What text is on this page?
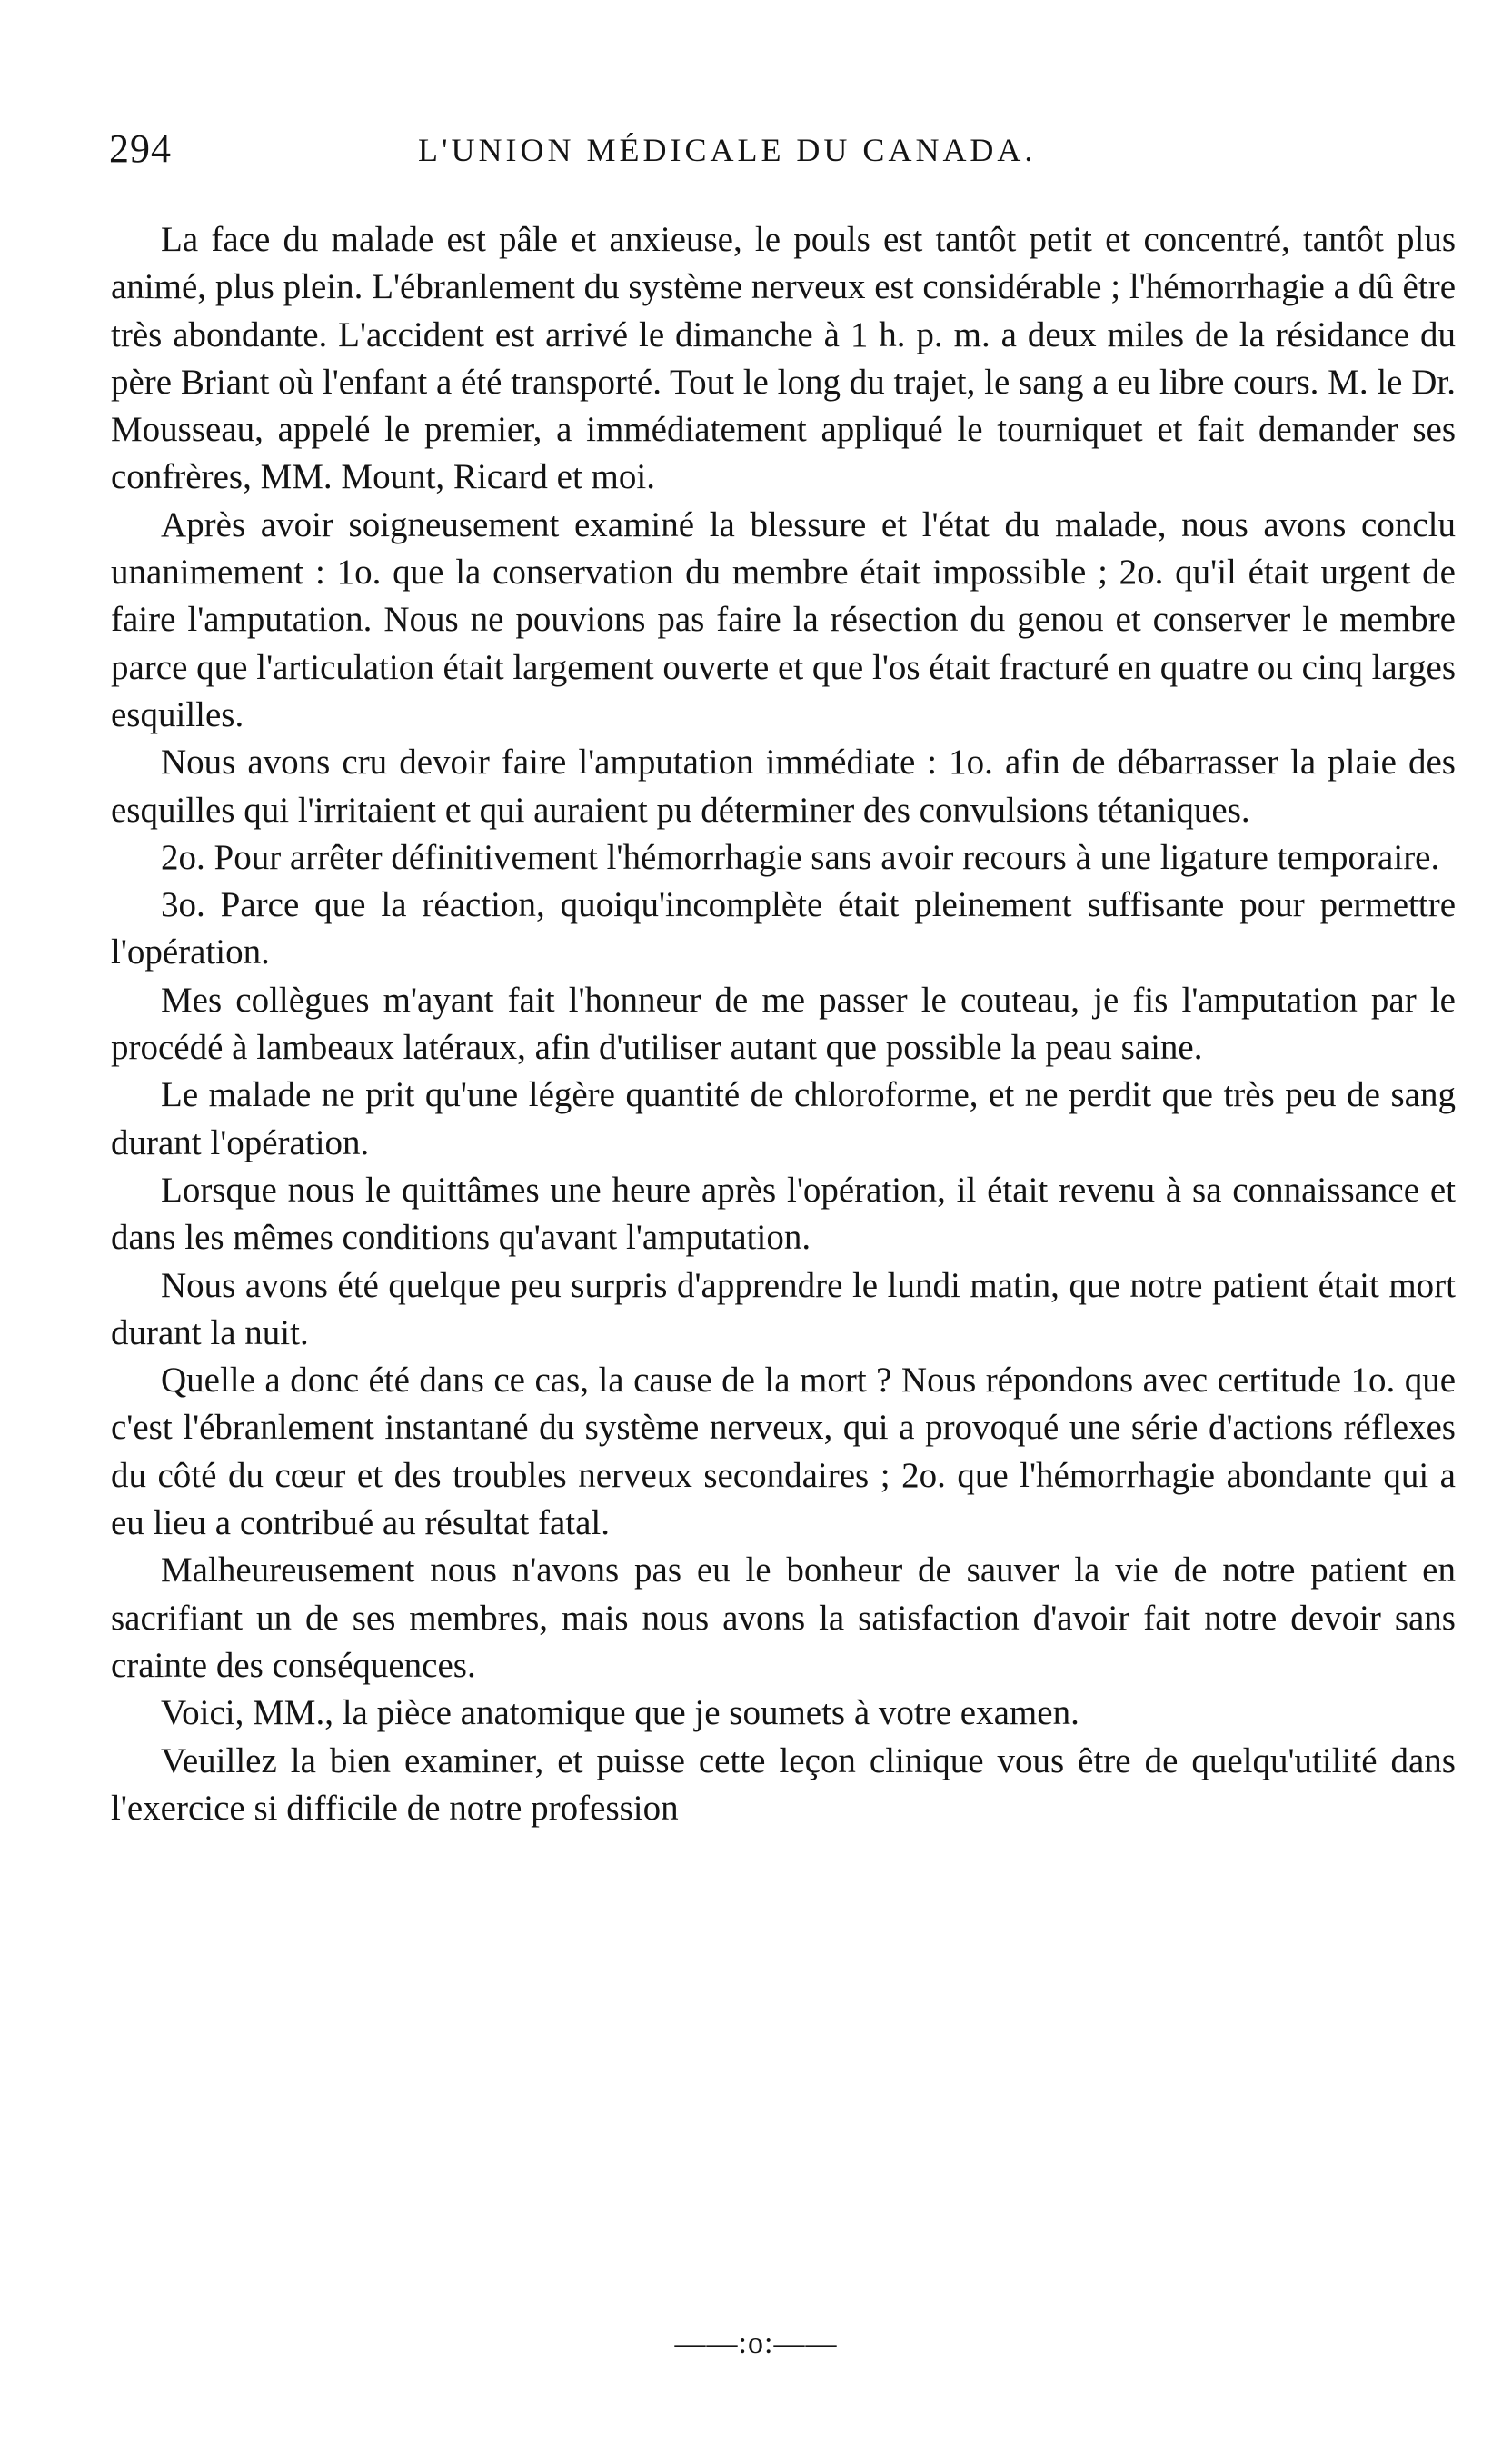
294	L'UNION MÉDICALE DU CANADA.

La face du malade est pâle et anxieuse, le pouls est tantôt petit et concentré, tantôt plus animé, plus plein. L'ébranlement du système nerveux est considérable ; l'hémorrhagie a dû être très abondante. L'accident est arrivé le dimanche à 1 h. p. m. a deux miles de la résidance du père Briant où l'enfant a été transporté. Tout le long du trajet, le sang a eu libre cours. M. le Dr. Mousseau, appelé le premier, a immédiatement appliqué le tourniquet et fait demander ses confrères, MM. Mount, Ricard et moi.

Après avoir soigneusement examiné la blessure et l'état du malade, nous avons conclu unanimement : 1o. que la conservation du membre était impossible ; 2o. qu'il était urgent de faire l'amputation. Nous ne pouvions pas faire la résection du genou et conserver le membre parce que l'articulation était largement ouverte et que l'os était fracturé en quatre ou cinq larges esquilles.

Nous avons cru devoir faire l'amputation immédiate : 1o. afin de débarrasser la plaie des esquilles qui l'irritaient et qui auraient pu déterminer des convulsions tétaniques.

2o. Pour arrêter définitivement l'hémorrhagie sans avoir recours à une ligature temporaire.

3o. Parce que la réaction, quoiqu'incomplète était pleinement suffisante pour permettre l'opération.

Mes collègues m'ayant fait l'honneur de me passer le couteau, je fis l'amputation par le procédé à lambeaux latéraux, afin d'utiliser autant que possible la peau saine.

Le malade ne prit qu'une légère quantité de chloroforme, et ne perdit que très peu de sang durant l'opération.

Lorsque nous le quittâmes une heure après l'opération, il était revenu à sa connaissance et dans les mêmes conditions qu'avant l'amputation.

Nous avons été quelque peu surpris d'apprendre le lundi matin, que notre patient était mort durant la nuit.

Quelle a donc été dans ce cas, la cause de la mort ? Nous répondons avec certitude 1o. que c'est l'ébranlement instantané du système nerveux, qui a provoqué une série d'actions réflexes du côté du cœur et des troubles nerveux secondaires ; 2o. que l'hémorrhagie abondante qui a eu lieu a contribué au résultat fatal.

Malheureusement nous n'avons pas eu le bonheur de sauver la vie de notre patient en sacrifiant un de ses membres, mais nous avons la satisfaction d'avoir fait notre devoir sans crainte des conséquences.

Voici, MM., la pièce anatomique que je soumets à votre examen.

Veuillez la bien examiner, et puisse cette leçon clinique vous être de quelqu'utilité dans l'exercice si difficile de notre profession

——:o:——
